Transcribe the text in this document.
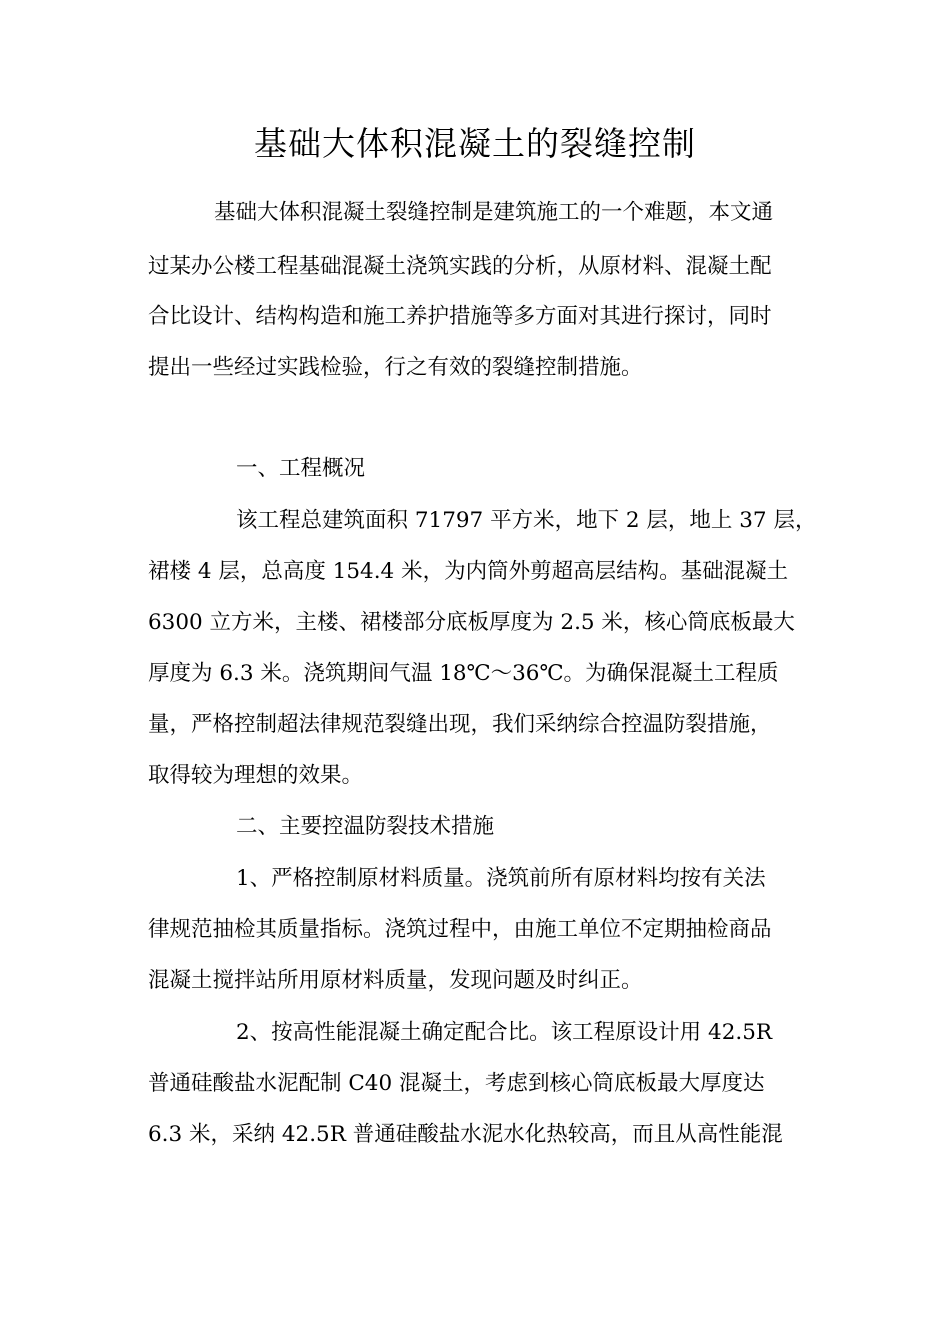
基础大体积混凝土的裂缝控制

基础大体积混凝土裂缝控制是建筑施工的一个难题，本文通

过某办公楼工程基础混凝土浇筑实践的分析，从原材料、混凝土配

合比设计、结构构造和施工养护措施等多方面对其进行探讨，同时

提出一些经过实践检验，行之有效的裂缝控制措施。

一、工程概况

该工程总建筑面积 71797 平方米，地下 2 层，地上 37 层，

裙楼 4 层，总高度 154.4 米，为内筒外剪超高层结构。基础混凝土

6300 立方米，主楼、裙楼部分底板厚度为 2.5 米，核心筒底板最大

厚度为 6.3 米。浇筑期间气温 18℃～36℃。为确保混凝土工程质

量，严格控制超法律规范裂缝出现，我们采纳综合控温防裂措施，

取得较为理想的效果。

二、主要控温防裂技术措施

1、严格控制原材料质量。浇筑前所有原材料均按有关法

律规范抽检其质量指标。浇筑过程中，由施工单位不定期抽检商品

混凝土搅拌站所用原材料质量，发现问题及时纠正。

2、按高性能混凝土确定配合比。该工程原设计用 42.5R

普通硅酸盐水泥配制 C40 混凝土，考虑到核心筒底板最大厚度达

6.3 米，采纳 42.5R 普通硅酸盐水泥水化热较高，而且从高性能混
